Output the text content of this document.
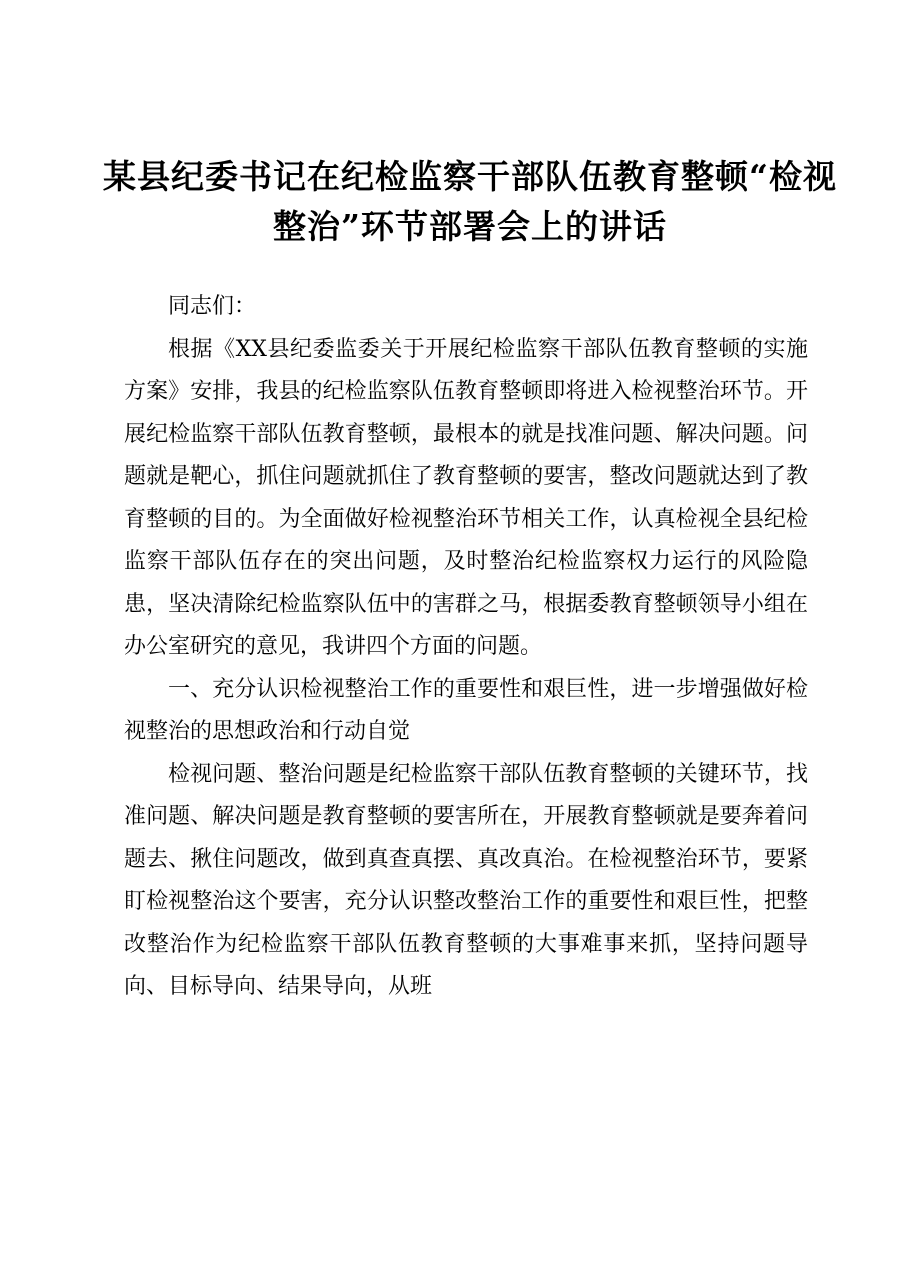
某县纪委书记在纪检监察干部队伍教育整顿“检视整治”环节部署会上的讲话

同志们：

根据《XX县纪委监委关于开展纪检监察干部队伍教育整顿的实施方案》安排，我县的纪检监察队伍教育整顿即将进入检视整治环节。开展纪检监察干部队伍教育整顿，最根本的就是找准问题、解决问题。问题就是靶心，抓住问题就抓住了教育整顿的要害，整改问题就达到了教育整顿的目的。为全面做好检视整治环节相关工作，认真检视全县纪检监察干部队伍存在的突出问题，及时整治纪检监察权力运行的风险隐患，坚决清除纪检监察队伍中的害群之马，根据委教育整顿领导小组在办公室研究的意见，我讲四个方面的问题。

一、充分认识检视整治工作的重要性和艰巨性，进一步增强做好检视整治的思想政治和行动自觉

检视问题、整治问题是纪检监察干部队伍教育整顿的关键环节，找准问题、解决问题是教育整顿的要害所在，开展教育整顿就是要奔着问题去、揪住问题改，做到真查真摆、真改真治。在检视整治环节，要紧盯检视整治这个要害，充分认识整改整治工作的重要性和艰巨性，把整改整治作为纪检监察干部队伍教育整顿的大事难事来抓，坚持问题导向、目标导向、结果导向，从班
